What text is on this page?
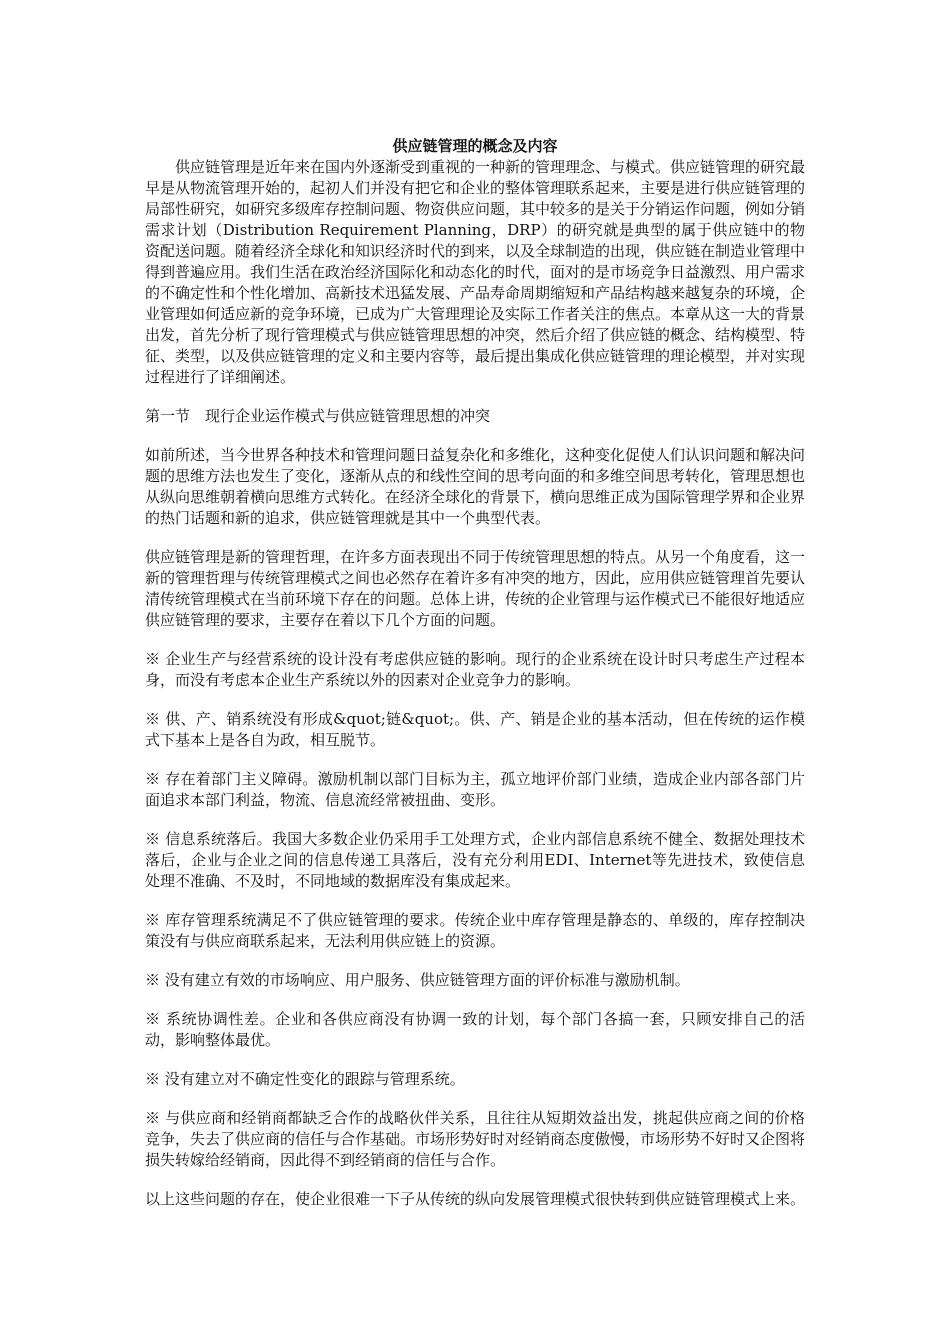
供应链管理的概念及内容

供应链管理是近年来在国内外逐渐受到重视的一种新的管理理念、与模式。供应链管理的研究最早是从物流管理开始的，起初人们并没有把它和企业的整体管理联系起来，主要是进行供应链管理的局部性研究，如研究多级库存控制问题、物资供应问题，其中较多的是关于分销运作问题，例如分销需求计划（Distribution Requirement Planning，DRP）的研究就是典型的属于供应链中的物资配送问题。随着经济全球化和知识经济时代的到来，以及全球制造的出现，供应链在制造业管理中得到普遍应用。我们生活在政治经济国际化和动态化的时代，面对的是市场竞争日益激烈、用户需求的不确定性和个性化增加、高新技术迅猛发展、产品寿命周期缩短和产品结构越来越复杂的环境，企业管理如何适应新的竞争环境，已成为广大管理理论及实际工作者关注的焦点。本章从这一大的背景出发，首先分析了现行管理模式与供应链管理思想的冲突，然后介绍了供应链的概念、结构模型、特征、类型，以及供应链管理的定义和主要内容等，最后提出集成化供应链管理的理论模型，并对实现过程进行了详细阐述。

第一节　现行企业运作模式与供应链管理思想的冲突

如前所述，当今世界各种技术和管理问题日益复杂化和多维化，这种变化促使人们认识问题和解决问题的思维方法也发生了变化，逐渐从点的和线性空间的思考向面的和多维空间思考转化，管理思想也从纵向思维朝着横向思维方式转化。在经济全球化的背景下，横向思维正成为国际管理学界和企业界的热门话题和新的追求，供应链管理就是其中一个典型代表。

供应链管理是新的管理哲理，在许多方面表现出不同于传统管理思想的特点。从另一个角度看，这一新的管理哲理与传统管理模式之间也必然存在着许多有冲突的地方，因此，应用供应链管理首先要认清传统管理模式在当前环境下存在的问题。总体上讲，传统的企业管理与运作模式已不能很好地适应供应链管理的要求，主要存在着以下几个方面的问题。

※ 企业生产与经营系统的设计没有考虑供应链的影响。现行的企业系统在设计时只考虑生产过程本身，而没有考虑本企业生产系统以外的因素对企业竞争力的影响。

※ 供、产、销系统没有形成&quot;链&quot;。供、产、销是企业的基本活动，但在传统的运作模式下基本上是各自为政，相互脱节。

※ 存在着部门主义障碍。激励机制以部门目标为主，孤立地评价部门业绩，造成企业内部各部门片面追求本部门利益，物流、信息流经常被扭曲、变形。

※ 信息系统落后。我国大多数企业仍采用手工处理方式，企业内部信息系统不健全、数据处理技术落后，企业与企业之间的信息传递工具落后，没有充分利用EDI、Internet等先进技术，致使信息处理不准确、不及时，不同地域的数据库没有集成起来。

※ 库存管理系统满足不了供应链管理的要求。传统企业中库存管理是静态的、单级的，库存控制决策没有与供应商联系起来，无法利用供应链上的资源。

※ 没有建立有效的市场响应、用户服务、供应链管理方面的评价标准与激励机制。

※ 系统协调性差。企业和各供应商没有协调一致的计划，每个部门各搞一套，只顾安排自己的活动，影响整体最优。

※ 没有建立对不确定性变化的跟踪与管理系统。

※ 与供应商和经销商都缺乏合作的战略伙伴关系，且往往从短期效益出发，挑起供应商之间的价格竞争，失去了供应商的信任与合作基础。市场形势好时对经销商态度傲慢，市场形势不好时又企图将损失转嫁给经销商，因此得不到经销商的信任与合作。

以上这些问题的存在，使企业很难一下子从传统的纵向发展管理模式很快转到供应链管理模式上来。
